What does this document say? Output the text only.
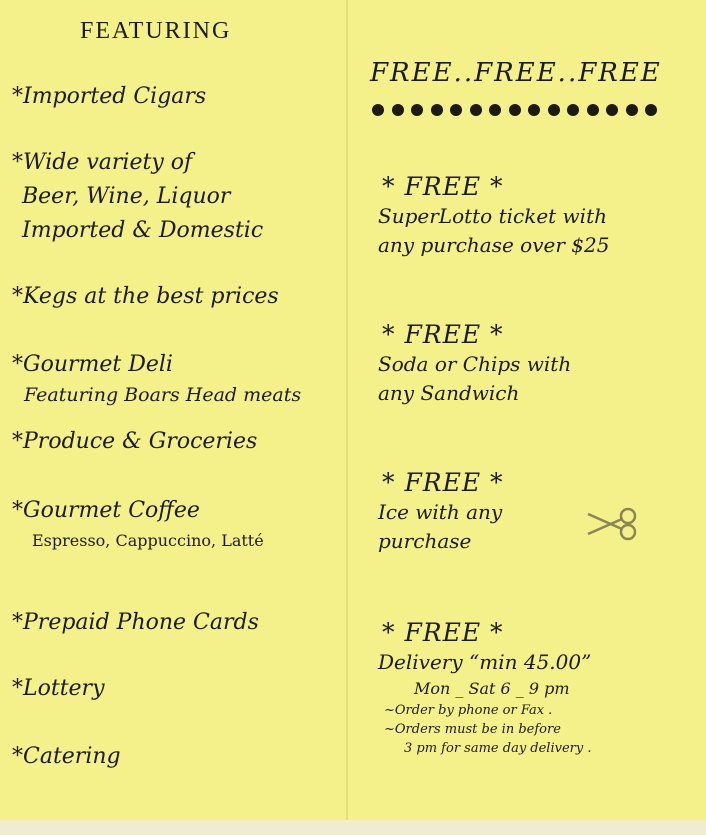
FEATURING
*Imported Cigars
*Wide variety of
Beer, Wine, Liquor
Imported & Domestic
*Kegs at the best prices
*Gourmet Deli
Featuring Boars Head meats
*Produce & Groceries
*Gourmet Coffee
Espresso, Cappuccino, Latté
*Prepaid Phone Cards
*Lottery
*Catering
FREE..FREE..FREE
* FREE *
SuperLotto ticket with
any purchase over $25
* FREE *
Soda or Chips with
any Sandwich
* FREE *
Ice with any
purchase
* FREE *
Delivery “min 45.00”
Mon _ Sat 6 _ 9 pm
~Order by phone or Fax .
~Orders must be in before
3 pm for same day delivery .
